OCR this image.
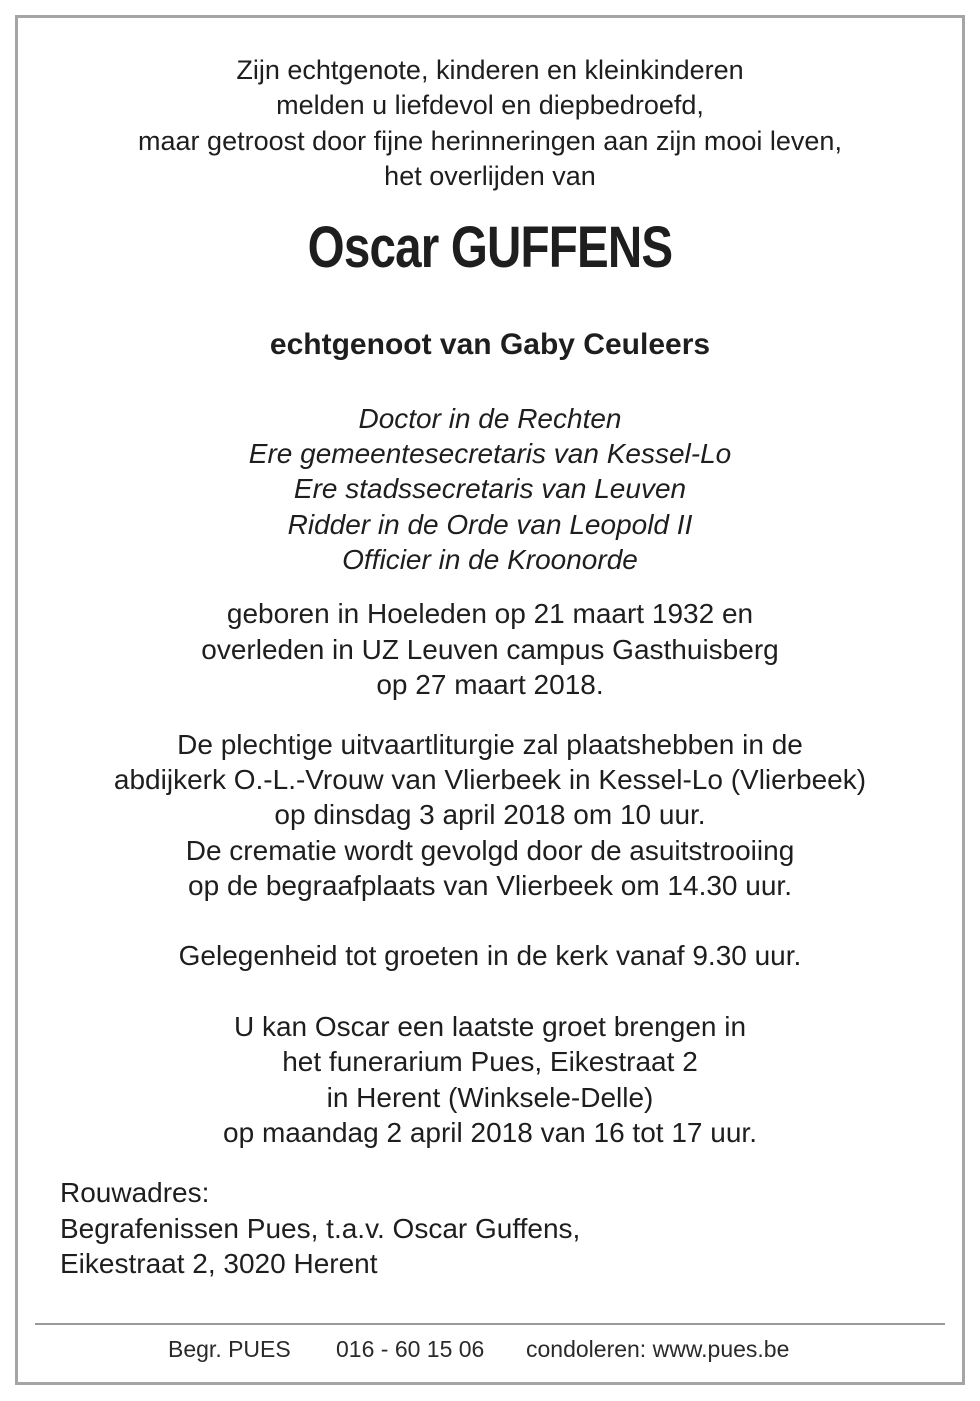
Zijn echtgenote, kinderen en kleinkinderen
melden u liefdevol en diepbedroefd,
maar getroost door fijne herinneringen aan zijn mooi leven,
het overlijden van
Oscar GUFFENS
echtgenoot van Gaby Ceuleers
Doctor in de Rechten
Ere gemeentesecretaris van Kessel-Lo
Ere stadssecretaris van Leuven
Ridder in de Orde van Leopold II
Officier in de Kroonorde
geboren in Hoeleden op 21 maart 1932 en
overleden in UZ Leuven campus Gasthuisberg
op 27 maart 2018.
De plechtige uitvaartliturgie zal plaatshebben in de
abdijkerk O.-L.-Vrouw van Vlierbeek in Kessel-Lo (Vlierbeek)
op dinsdag 3 april 2018 om 10 uur.
De crematie wordt gevolgd door de asuitstrooiing
op de begraafplaats van Vlierbeek om 14.30 uur.
Gelegenheid tot groeten in de kerk vanaf 9.30 uur.
U kan Oscar een laatste groet brengen in
het funerarium Pues, Eikestraat 2
in Herent (Winksele-Delle)
op maandag 2 april 2018 van 16 tot 17 uur.
Rouwadres:
Begrafenissen Pues, t.a.v. Oscar Guffens,
Eikestraat 2, 3020 Herent
Begr. PUES 016 - 60 15 06 condoleren: www.pues.be
